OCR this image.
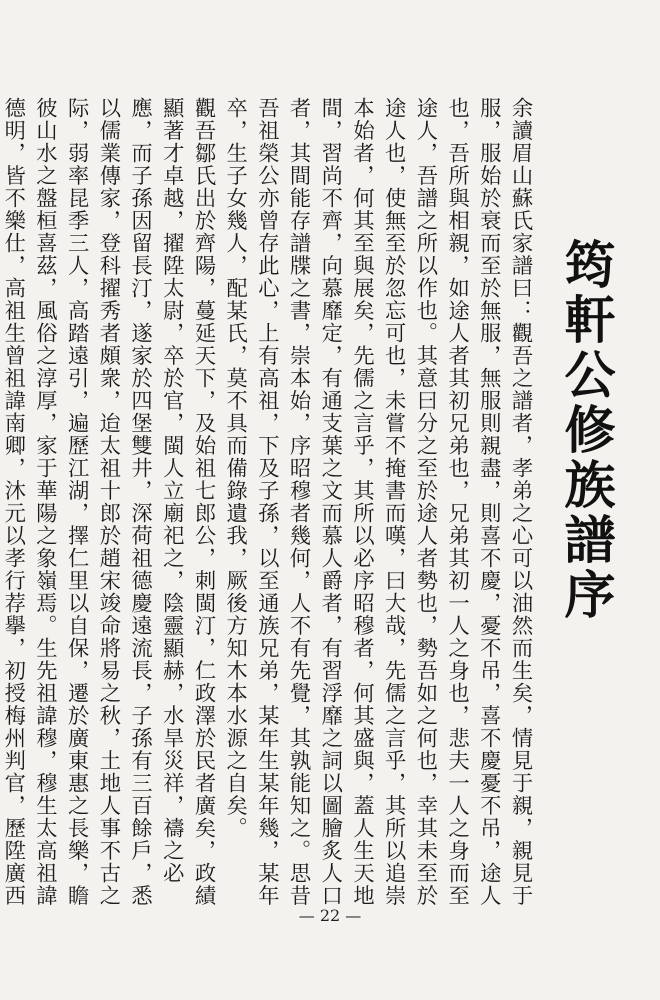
筠軒公修族譜序

余讀眉山蘇氏家譜曰：觀吾之譜者，孝弟之心可以油然而生矣，情見于親，親見于服，服始於衰而至於無服，無服則親盡，則喜不慶，憂不吊，喜不慶憂不吊，途人也，吾所與相親，如途人者其初兄弟也，兄弟其初一人之身也，悲夫一人之身而至途人，吾譜之所以作也。其意曰分之至於途人者勢也，勢吾如之何也，幸其未至於途人也，使無至於忽忘可也，未嘗不掩書而嘆，曰大哉，先儒之言乎，其所以追崇本始者，何其至與展矣，先儒之言乎，其所以必序昭穆者，何其盛與，蓋人生天地間，習尚不齊，向慕靡定，有通支葉之文而慕人爵者，有習浮靡之詞以圖膾炙人口者，其間能存譜牒之書，崇本始，序昭穆者幾何，人不有先覺，其孰能知之。思昔吾祖榮公亦曾存此心，上有高祖，下及子孫，以至通族兄弟，某年生某年幾，某年卒，生子女幾人，配某氏，莫不具而備錄遺我，厥後方知木本水源之自矣。

觀吾鄒氏出於齊陽，蔓延天下，及始祖七郎公，刺閩汀，仁政澤於民者廣矣，政績顯著才卓越，擢陞太尉，卒於官，閩人立廟祀之，陰靈顯赫，水旱災祥，禱之必應，而子孫因留長汀，遂家於四堡雙井，深荷祖德慶遠流長，子孫有三百餘戶，悉以儒業傳家，登科擢秀者頗衆，迨太祖十郎於趙宋竣命將易之秋，土地人事不古之际，弱率昆季三人，高踏遠引，遍歷江湖，擇仁里以自保，遷於廣東惠之長樂，瞻彼山水之盤桓喜茲，風俗之淳厚，家于華陽之象嶺焉。生先祖諱穆，穆生太高祖諱德明，皆不樂仕，高祖生曾祖諱南卿，沐元以孝行荐擧，初授梅州判官，歷陞廣西

— 22 —
